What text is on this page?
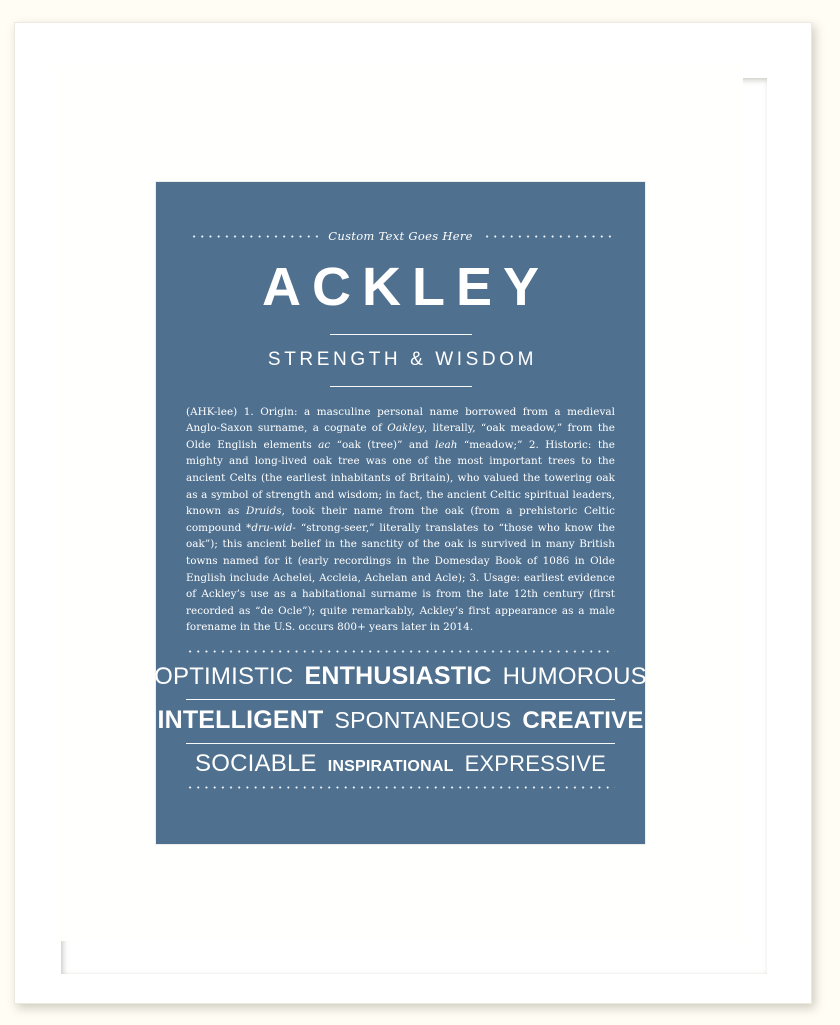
Custom Text Goes Here
ACKLEY
STRENGTH & WISDOM
(AHK-lee) 1. Origin: a masculine personal name borrowed from a medieval Anglo-Saxon surname, a cognate of Oakley, literally, “oak meadow,” from the Olde English elements ac “oak (tree)” and leah “meadow;” 2. Historic: the mighty and long-lived oak tree was one of the most important trees to the ancient Celts (the earliest inhabitants of Britain), who valued the towering oak as a symbol of strength and wisdom; in fact, the ancient Celtic spiritual leaders, known as Druids, took their name from the oak (from a prehistoric Celtic compound *dru-wid- “strong-seer,” literally translates to “those who know the oak”); this ancient belief in the sanctity of the oak is survived in many British towns named for it (early recordings in the Domesday Book of 1086 in Olde English include Achelei, Accleia, Achelan and Acle); 3. Usage: earliest evidence of Ackley’s use as a habitational surname is from the late 12th century (first recorded as “de Ocle”); quite remarkably, Ackley’s first appearance as a male forename in the U.S. occurs 800+ years later in 2014.
OPTIMISTIC ENTHUSIASTIC HUMOROUS
INTELLIGENT SPONTANEOUS CREATIVE
SOCIABLE INSPIRATIONAL EXPRESSIVE
